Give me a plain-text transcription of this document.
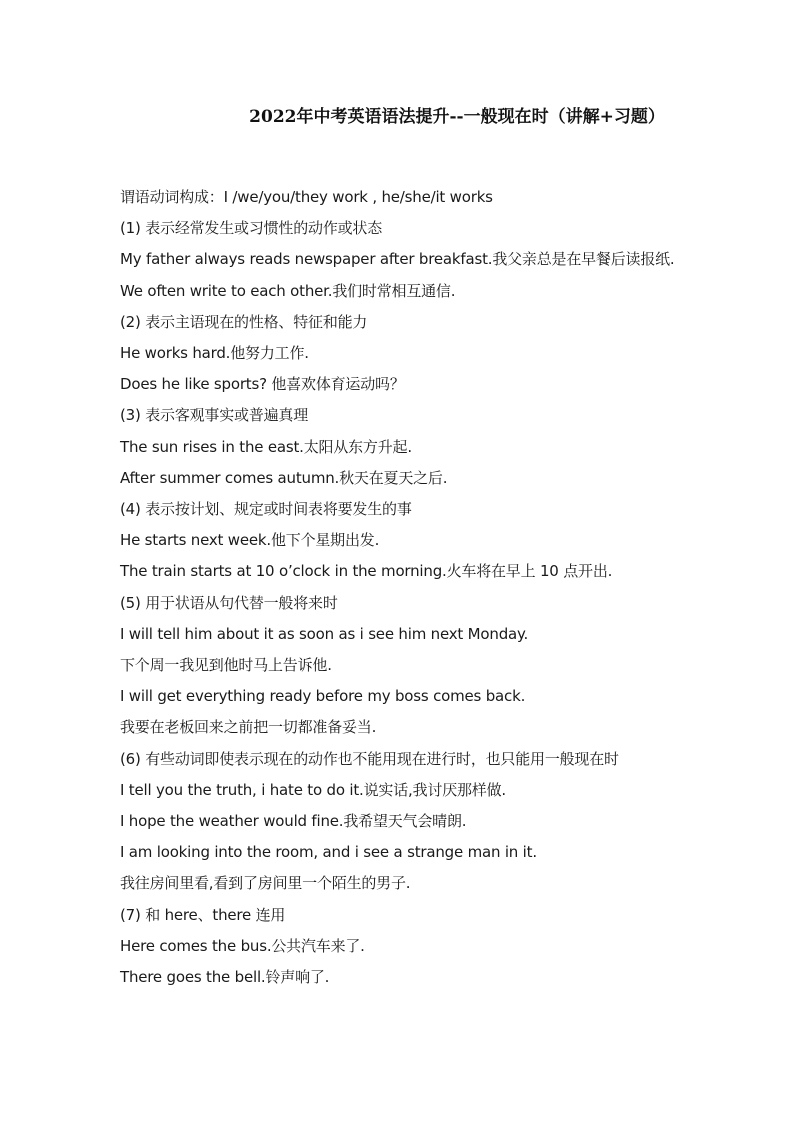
2022年中考英语语法提升--一般现在时（讲解+习题）
谓语动词构成：I /we/you/they work , he/she/it works
(1) 表示经常发生或习惯性的动作或状态
My father always reads newspaper after breakfast.我父亲总是在早餐后读报纸.
We often write to each other.我们时常相互通信.
(2) 表示主语现在的性格、特征和能力
He works hard.他努力工作.
Does he like sports? 他喜欢体育运动吗？
(3) 表示客观事实或普遍真理
The sun rises in the east.太阳从东方升起.
After summer comes autumn.秋天在夏天之后.
(4) 表示按计划、规定或时间表将要发生的事
He starts next week.他下个星期出发.
The train starts at 10 o’clock in the morning.火车将在早上 10 点开出.
(5) 用于状语从句代替一般将来时
I will tell him about it as soon as i see him next Monday.
下个周一我见到他时马上告诉他.
I will get everything ready before my boss comes back.
我要在老板回来之前把一切都准备妥当.
(6) 有些动词即使表示现在的动作也不能用现在进行时，也只能用一般现在时
I tell you the truth, i hate to do it.说实话,我讨厌那样做.
I hope the weather would fine.我希望天气会晴朗.
I am looking into the room, and i see a strange man in it.
我往房间里看,看到了房间里一个陌生的男子.
(7) 和 here、there 连用
Here comes the bus.公共汽车来了.
There goes the bell.铃声响了.
